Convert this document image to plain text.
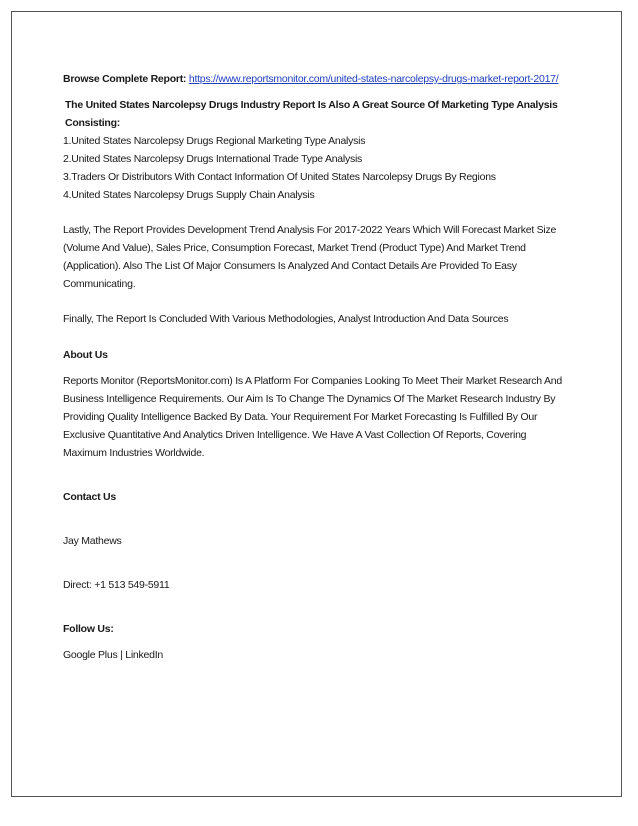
Browse Complete Report: https://www.reportsmonitor.com/united-states-narcolepsy-drugs-market-report-2017/

The United States Narcolepsy Drugs Industry Report Is Also A Great Source Of Marketing Type Analysis Consisting:

1.United States Narcolepsy Drugs Regional Marketing Type Analysis

2.United States Narcolepsy Drugs International Trade Type Analysis

3.Traders Or Distributors With Contact Information Of United States Narcolepsy Drugs By Regions

4.United States Narcolepsy Drugs Supply Chain Analysis

Lastly, The Report Provides Development Trend Analysis For 2017-2022 Years Which Will Forecast Market Size (Volume And Value), Sales Price, Consumption Forecast, Market Trend (Product Type) And Market Trend (Application). Also The List Of Major Consumers Is Analyzed And Contact Details Are Provided To Easy Communicating.

Finally, The Report Is Concluded With Various Methodologies, Analyst Introduction And Data Sources

About Us

Reports Monitor (ReportsMonitor.com) Is A Platform For Companies Looking To Meet Their Market Research And Business Intelligence Requirements. Our Aim Is To Change The Dynamics Of The Market Research Industry By Providing Quality Intelligence Backed By Data. Your Requirement For Market Forecasting Is Fulfilled By Our Exclusive Quantitative And Analytics Driven Intelligence. We Have A Vast Collection Of Reports, Covering Maximum Industries Worldwide.

Contact Us

Jay Mathews

Direct: +1 513 549-5911

Follow Us:

Google Plus | LinkedIn
